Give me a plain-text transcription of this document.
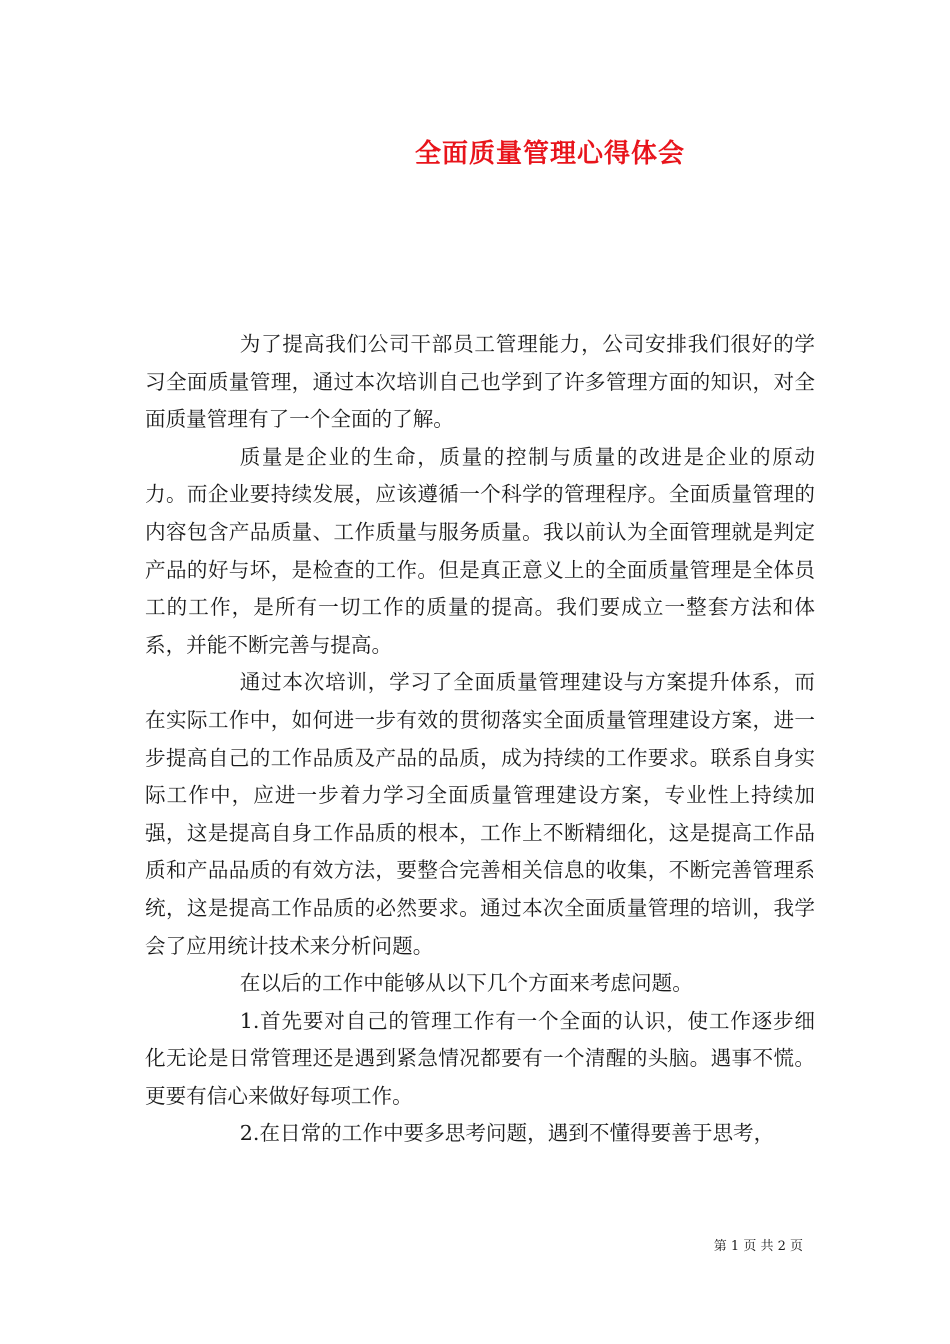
全面质量管理心得体会

为了提高我们公司干部员工管理能力，公司安排我们很好的学习全面质量管理，通过本次培训自己也学到了许多管理方面的知识，对全面质量管理有了一个全面的了解。

质量是企业的生命，质量的控制与质量的改进是企业的原动力。而企业要持续发展，应该遵循一个科学的管理程序。全面质量管理的内容包含产品质量、工作质量与服务质量。我以前认为全面管理就是判定产品的好与坏，是检查的工作。但是真正意义上的全面质量管理是全体员工的工作，是所有一切工作的质量的提高。我们要成立一整套方法和体系，并能不断完善与提高。

通过本次培训，学习了全面质量管理建设与方案提升体系，而在实际工作中，如何进一步有效的贯彻落实全面质量管理建设方案，进一步提高自己的工作品质及产品的品质，成为持续的工作要求。联系自身实际工作中，应进一步着力学习全面质量管理建设方案，专业性上持续加强，这是提高自身工作品质的根本，工作上不断精细化，这是提高工作品质和产品品质的有效方法，要整合完善相关信息的收集，不断完善管理系统，这是提高工作品质的必然要求。通过本次全面质量管理的培训，我学会了应用统计技术来分析问题。

在以后的工作中能够从以下几个方面来考虑问题。

1.首先要对自己的管理工作有一个全面的认识，使工作逐步细化无论是日常管理还是遇到紧急情况都要有一个清醒的头脑。遇事不慌。更要有信心来做好每项工作。

2.在日常的工作中要多思考问题，遇到不懂得要善于思考，

第 1 页 共 2 页
